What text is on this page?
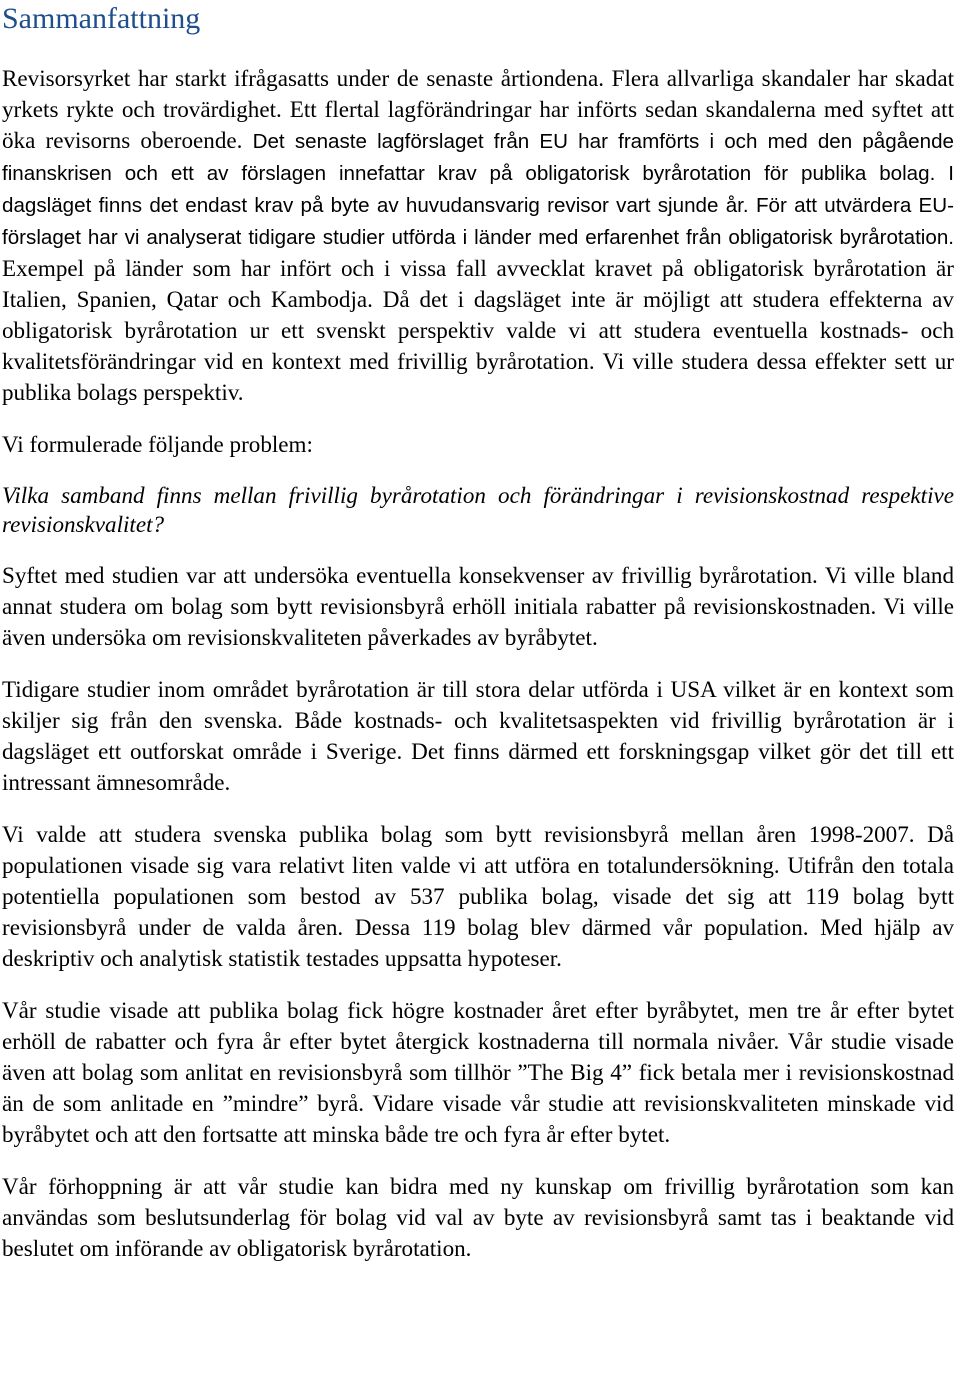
Sammanfattning

Revisorsyrket har starkt ifrågasatts under de senaste årtiondena. Flera allvarliga skandaler har skadat yrkets rykte och trovärdighet. Ett flertal lagförändringar har införts sedan skandalerna med syftet att öka revisorns oberoende. Det senaste lagförslaget från EU har framförts i och med den pågående finanskrisen och ett av förslagen innefattar krav på obligatorisk byrårotation för publika bolag. I dagsläget finns det endast krav på byte av huvudansvarig revisor vart sjunde år. För att utvärdera EU-förslaget har vi analyserat tidigare studier utförda i länder med erfarenhet från obligatorisk byrårotation. Exempel på länder som har infört och i vissa fall avvecklat kravet på obligatorisk byrårotation är Italien, Spanien, Qatar och Kambodja. Då det i dagsläget inte är möjligt att studera effekterna av obligatorisk byrårotation ur ett svenskt perspektiv valde vi att studera eventuella kostnads- och kvalitetsförändringar vid en kontext med frivillig byrårotation. Vi ville studera dessa effekter sett ur publika bolags perspektiv.

Vi formulerade följande problem:

Vilka samband finns mellan frivillig byrårotation och förändringar i revisionskostnad respektive revisionskvalitet?

Syftet med studien var att undersöka eventuella konsekvenser av frivillig byrårotation. Vi ville bland annat studera om bolag som bytt revisionsbyrå erhöll initiala rabatter på revisionskostnaden. Vi ville även undersöka om revisionskvaliteten påverkades av byråbytet.

Tidigare studier inom området byrårotation är till stora delar utförda i USA vilket är en kontext som skiljer sig från den svenska. Både kostnads- och kvalitetsaspekten vid frivillig byrårotation är i dagsläget ett outforskat område i Sverige. Det finns därmed ett forskningsgap vilket gör det till ett intressant ämnesområde.

Vi valde att studera svenska publika bolag som bytt revisionsbyrå mellan åren 1998-2007. Då populationen visade sig vara relativt liten valde vi att utföra en totalundersökning. Utifrån den totala potentiella populationen som bestod av 537 publika bolag, visade det sig att 119 bolag bytt revisionsbyrå under de valda åren. Dessa 119 bolag blev därmed vår population. Med hjälp av deskriptiv och analytisk statistik testades uppsatta hypoteser.

Vår studie visade att publika bolag fick högre kostnader året efter byråbytet, men tre år efter bytet erhöll de rabatter och fyra år efter bytet återgick kostnaderna till normala nivåer. Vår studie visade även att bolag som anlitat en revisionsbyrå som tillhör ”The Big 4” fick betala mer i revisionskostnad än de som anlitade en ”mindre” byrå. Vidare visade vår studie att revisionskvaliteten minskade vid byråbytet och att den fortsatte att minska både tre och fyra år efter bytet.

Vår förhoppning är att vår studie kan bidra med ny kunskap om frivillig byrårotation som kan användas som beslutsunderlag för bolag vid val av byte av revisionsbyrå samt tas i beaktande vid beslutet om införande av obligatorisk byrårotation.
